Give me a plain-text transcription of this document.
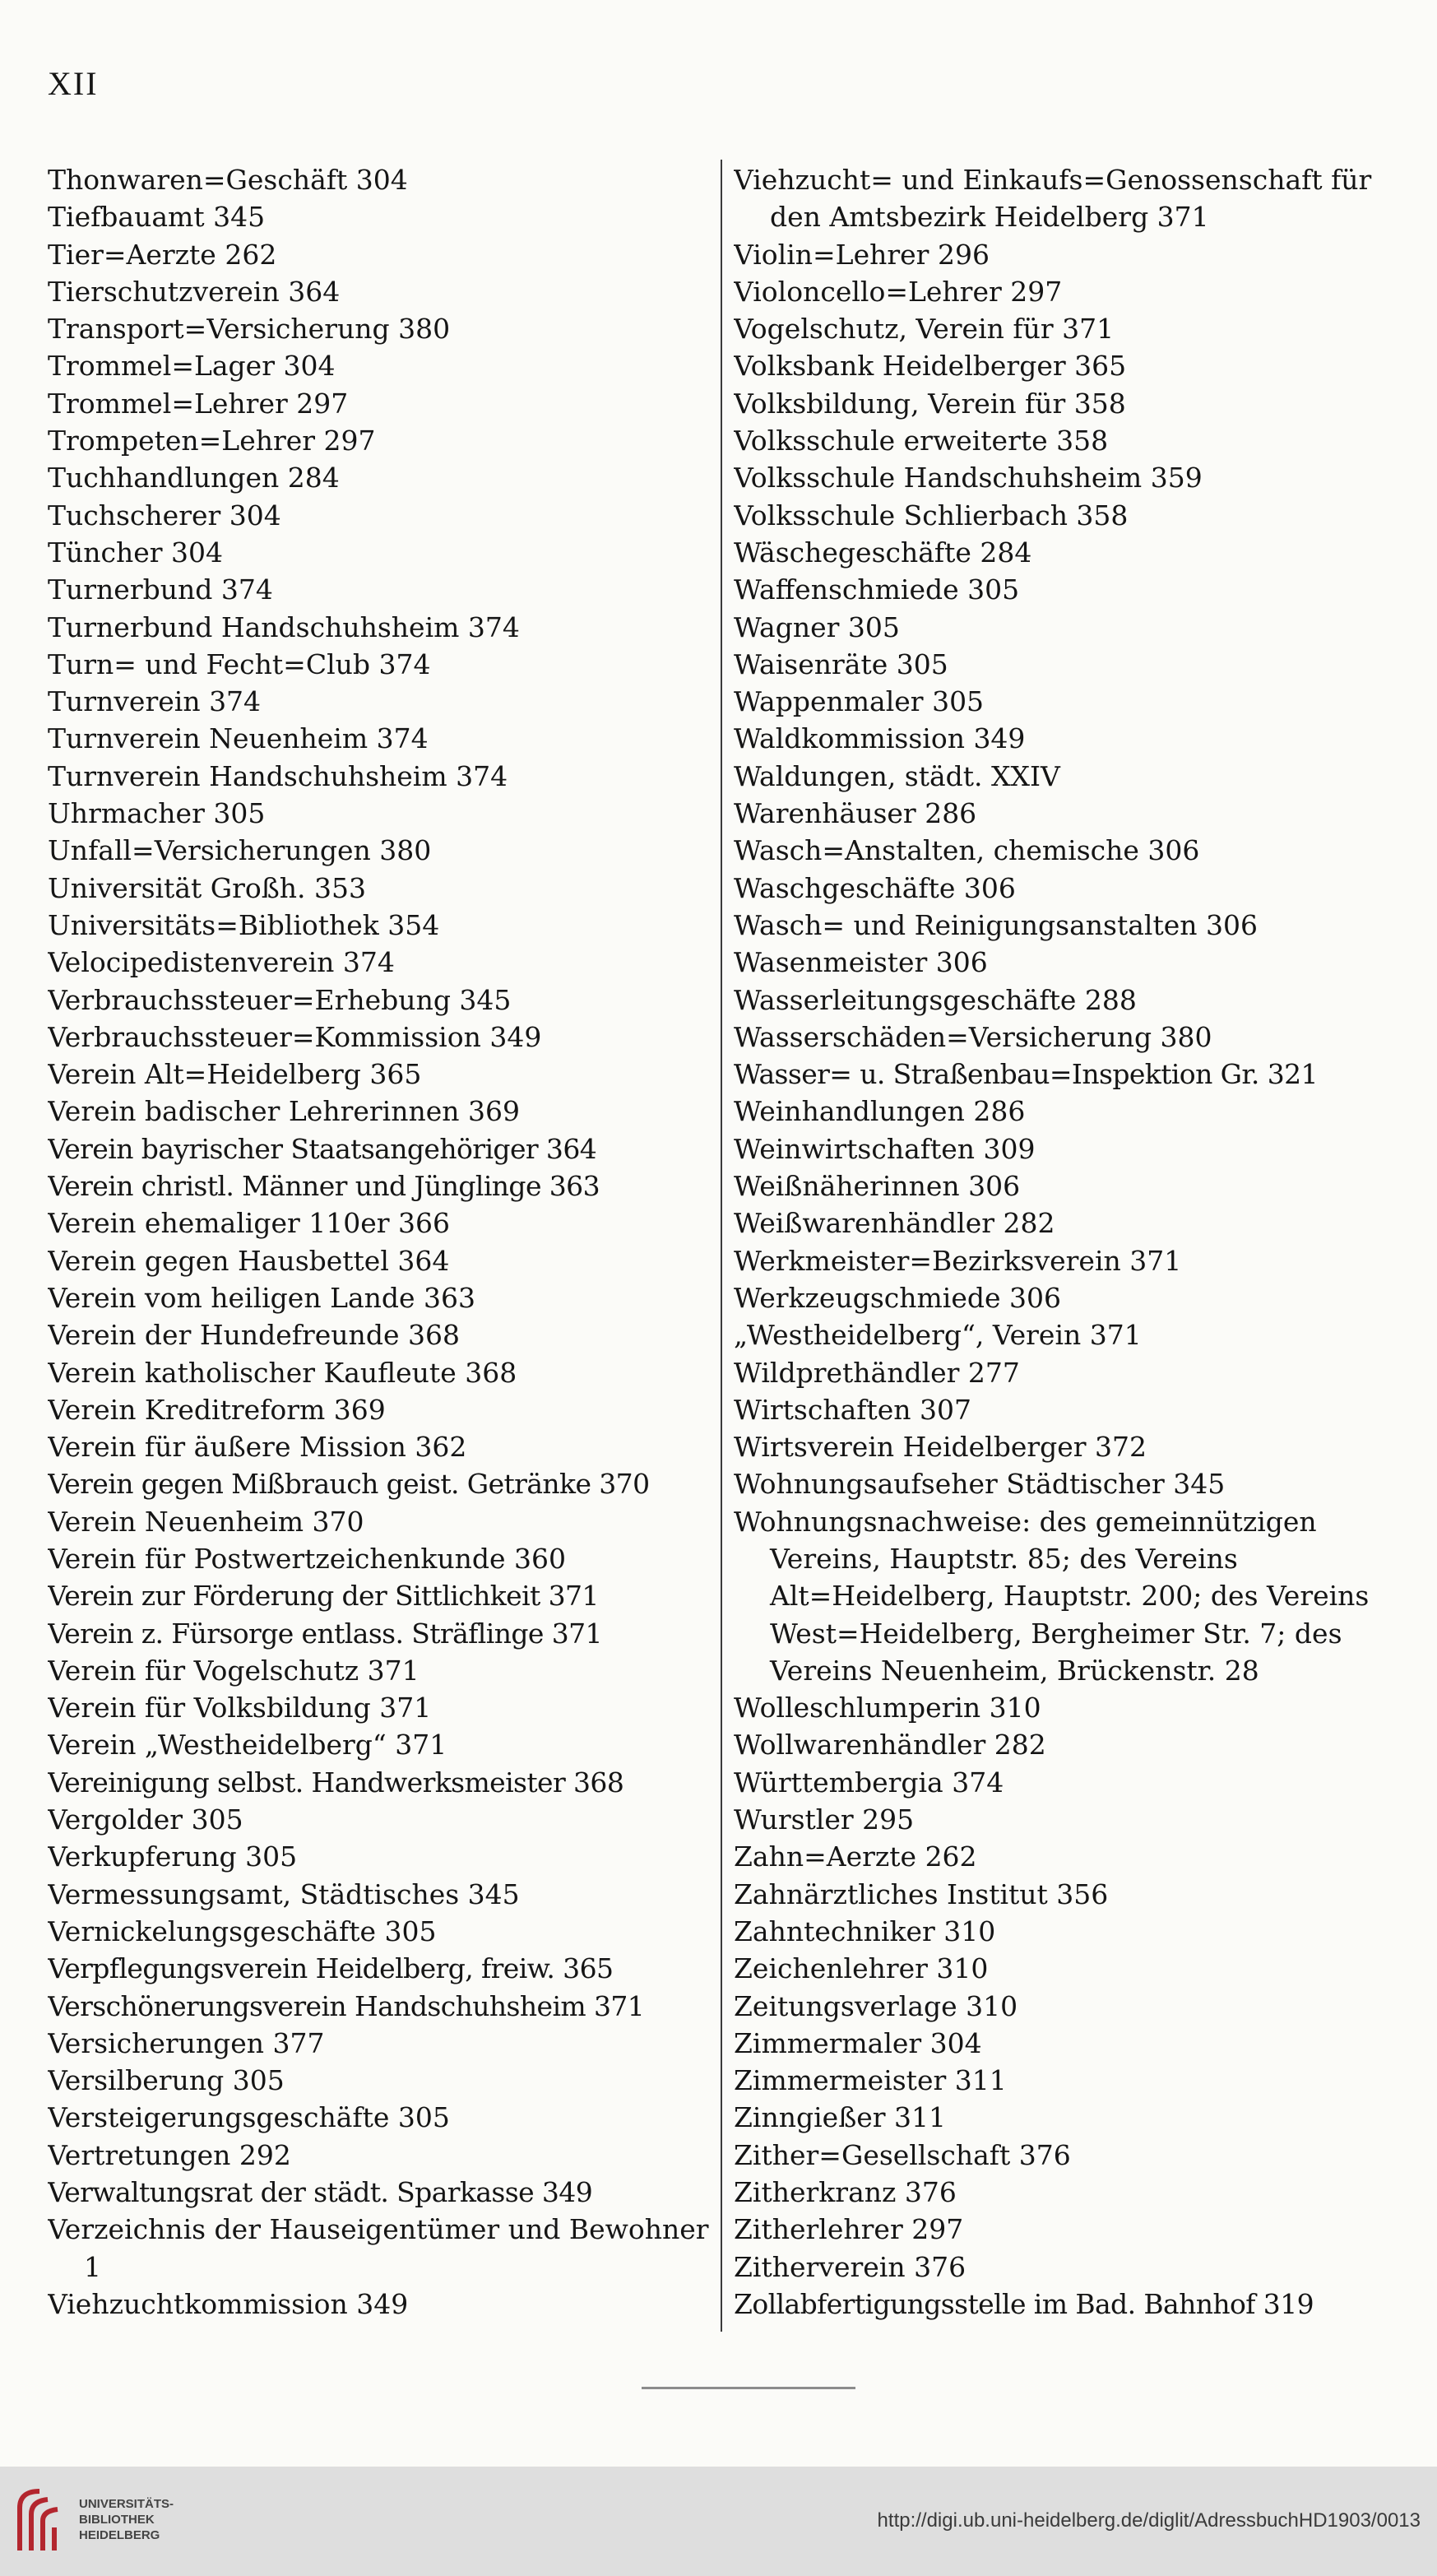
XII
Thonwaren=Geschäft 304
Tiefbauamt 345
Tier=Aerzte 262
Tierschutzverein 364
Transport=Versicherung 380
Trommel=Lager 304
Trommel=Lehrer 297
Trompeten=Lehrer 297
Tuchhandlungen 284
Tuchscherer 304
Tüncher 304
Turnerbund 374
Turnerbund Handschuhsheim 374
Turn= und Fecht=Club 374
Turnverein 374
Turnverein Neuenheim 374
Turnverein Handschuhsheim 374
Uhrmacher 305
Unfall=Versicherungen 380
Universität Großh. 353
Universitäts=Bibliothek 354
Velocipedistenverein 374
Verbrauchssteuer=Erhebung 345
Verbrauchssteuer=Kommission 349
Verein Alt=Heidelberg 365
Verein badischer Lehrerinnen 369
Verein bayrischer Staatsangehöriger 364
Verein christl. Männer und Jünglinge 363
Verein ehemaliger 110er 366
Verein gegen Hausbettel 364
Verein vom heiligen Lande 363
Verein der Hundefreunde 368
Verein katholischer Kaufleute 368
Verein Kreditreform 369
Verein für äußere Mission 362
Verein gegen Mißbrauch geist. Getränke 370
Verein Neuenheim 370
Verein für Postwertzeichenkunde 360
Verein zur Förderung der Sittlichkeit 371
Verein z. Fürsorge entlass. Sträflinge 371
Verein für Vogelschutz 371
Verein für Volksbildung 371
Verein „Westheidelberg“ 371
Vereinigung selbst. Handwerksmeister 368
Vergolder 305
Verkupferung 305
Vermessungsamt, Städtisches 345
Vernickelungsgeschäfte 305
Verpflegungsverein Heidelberg, freiw. 365
Verschönerungsverein Handschuhsheim 371
Versicherungen 377
Versilberung 305
Versteigerungsgeschäfte 305
Vertretungen 292
Verwaltungsrat der städt. Sparkasse 349
Verzeichnis der Hauseigentümer und Bewohner 1
Viehzuchtkommission 349
Viehzucht= und Einkaufs=Genossenschaft für den Amtsbezirk Heidelberg 371
Violin=Lehrer 296
Violoncello=Lehrer 297
Vogelschutz, Verein für 371
Volksbank Heidelberger 365
Volksbildung, Verein für 358
Volksschule erweiterte 358
Volksschule Handschuhsheim 359
Volksschule Schlierbach 358
Wäschegeschäfte 284
Waffenschmiede 305
Wagner 305
Waisenräte 305
Wappenmaler 305
Waldkommission 349
Waldungen, städt. XXIV
Warenhäuser 286
Wasch=Anstalten, chemische 306
Waschgeschäfte 306
Wasch= und Reinigungsanstalten 306
Wasenmeister 306
Wasserleitungsgeschäfte 288
Wasserschäden=Versicherung 380
Wasser= u. Straßenbau=Inspektion Gr. 321
Weinhandlungen 286
Weinwirtschaften 309
Weißnäherinnen 306
Weißwarenhändler 282
Werkmeister=Bezirksverein 371
Werkzeugschmiede 306
„Westheidelberg“, Verein 371
Wildprethändler 277
Wirtschaften 307
Wirtsverein Heidelberger 372
Wohnungsaufseher Städtischer 345
Wohnungsnachweise: des gemeinnützigen Vereins, Hauptstr. 85; des Vereins Alt=Heidelberg, Hauptstr. 200; des Vereins West=Heidelberg, Bergheimer Str. 7; des Vereins Neuenheim, Brückenstr. 28
Wolleschlumperin 310
Wollwarenhändler 282
Württembergia 374
Wurstler 295
Zahn=Aerzte 262
Zahnärztliches Institut 356
Zahntechniker 310
Zeichenlehrer 310
Zeitungsverlage 310
Zimmermaler 304
Zimmermeister 311
Zinngießer 311
Zither=Gesellschaft 376
Zitherkranz 376
Zitherlehrer 297
Zitherverein 376
Zollabfertigungsstelle im Bad. Bahnhof 319
UNIVERSITÄTS-
BIBLIOTHEK
HEIDELBERG
http://digi.ub.uni-heidelberg.de/diglit/AdressbuchHD1903/0013
